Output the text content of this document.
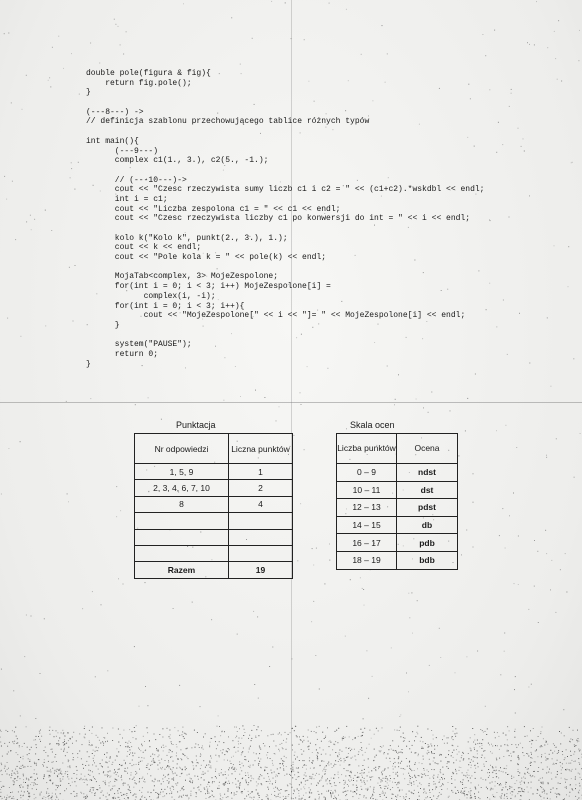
double pole(figura & fig){
return fig.pole();
}
(---8---) ->
// definicja szablonu przechowującego tablice różnych typów
int main(){
(---9---)
complex c1(1., 3.), c2(5., -1.);
// (---10---)->
cout << "Czesc rzeczywista sumy liczb c1 i c2 = " << (c1+c2).*wskdbl << endl;
int i = c1;
cout << "Liczba zespolona c1 = " << c1 << endl;
cout << "Czesc rzeczywista liczby c1 po konwersji do int = " << i << endl;
kolo k("Kolo k", punkt(2., 3.), 1.);
cout << k << endl;
cout << "Pole kola k = " << pole(k) << endl;
MojaTab<complex, 3> MojeZespolone;
for(int i = 0; i < 3; i++) MojeZespolone[i] =
complex(i, -i);
for(int i = 0; i < 3; i++){
cout << "MojeZespolone[" << i << "]= " << MojeZespolone[i] << endl;
}
system("PAUSE");
return 0;
}
Punktacja
Nr odpowiedzi	Liczna punktów
1, 5, 9	1
2, 3, 4, 6, 7, 10	2
8	4

Razem	19
Skala ocen
Liczba punktów	Ocena
0 – 9	ndst
10 – 11	dst
12 – 13	pdst
14 – 15	db
16 – 17	pdb
18 – 19	bdb
